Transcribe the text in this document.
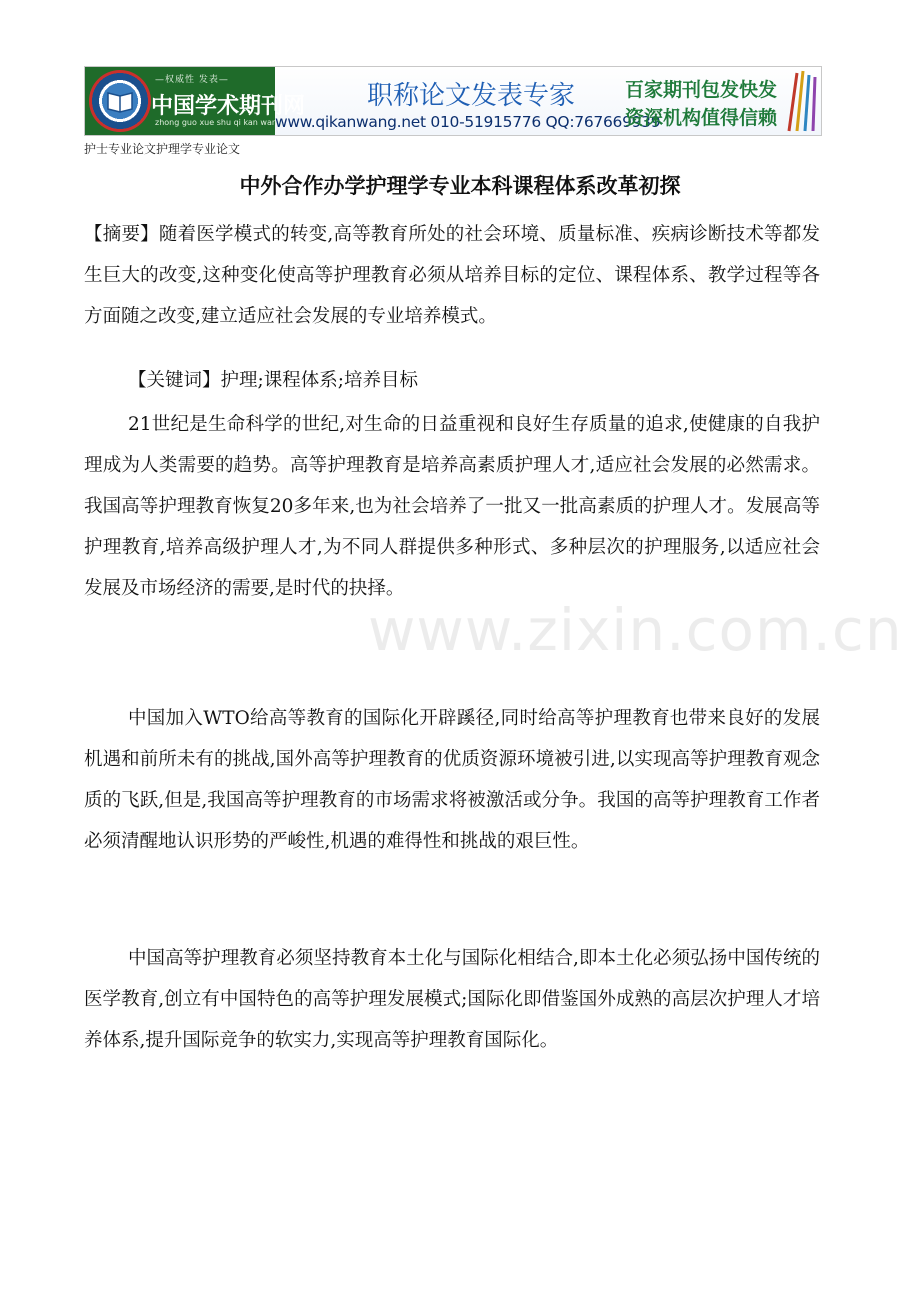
—权威性 发表—
中国学术期刊网
zhong guo xue shu qi kan wang
职称论文发表专家
www.qikanwang.net 010-51915776 QQ:767669939
百家期刊包发快发
资深机构值得信赖
护士专业论文护理学专业论文
中外合作办学护理学专业本科课程体系改革初探

【摘要】随着医学模式的转变,高等教育所处的社会环境、质量标准、疾病诊断技术等都发生巨大的改变,这种变化使高等护理教育必须从培养目标的定位、课程体系、教学过程等各方面随之改变,建立适应社会发展的专业培养模式。

【关键词】护理;课程体系;培养目标

21世纪是生命科学的世纪,对生命的日益重视和良好生存质量的追求,使健康的自我护理成为人类需要的趋势。高等护理教育是培养高素质护理人才,适应社会发展的必然需求。我国高等护理教育恢复20多年来,也为社会培养了一批又一批高素质的护理人才。发展高等护理教育,培养高级护理人才,为不同人群提供多种形式、多种层次的护理服务,以适应社会发展及市场经济的需要,是时代的抉择。

中国加入WTO给高等教育的国际化开辟蹊径,同时给高等护理教育也带来良好的发展机遇和前所未有的挑战,国外高等护理教育的优质资源环境被引进,以实现高等护理教育观念质的飞跃,但是,我国高等护理教育的市场需求将被激活或分争。我国的高等护理教育工作者必须清醒地认识形势的严峻性,机遇的难得性和挑战的艰巨性。

中国高等护理教育必须坚持教育本土化与国际化相结合,即本土化必须弘扬中国传统的医学教育,创立有中国特色的高等护理发展模式;国际化即借鉴国外成熟的高层次护理人才培养体系,提升国际竞争的软实力,实现高等护理教育国际化。

www.zixin.com.cn
